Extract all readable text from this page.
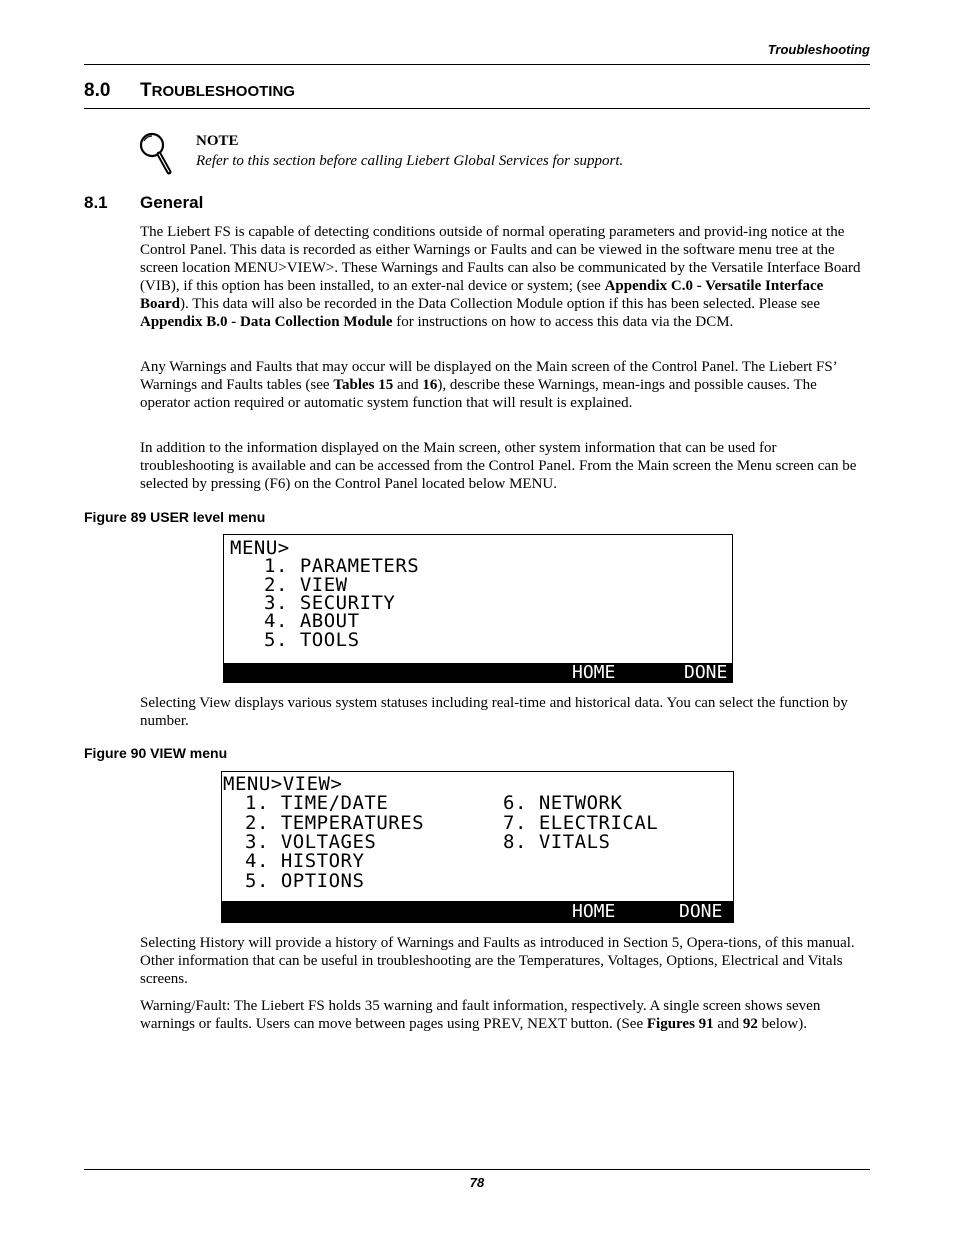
Troubleshooting
8.0 TROUBLESHOOTING
NOTE
Refer to this section before calling Liebert Global Services for support.
8.1 General

The Liebert FS is capable of detecting conditions outside of normal operating parameters and provid-ing notice at the Control Panel. This data is recorded as either Warnings or Faults and can be viewed in the software menu tree at the screen location MENU>VIEW>. These Warnings and Faults can also be communicated by the Versatile Interface Board (VIB), if this option has been installed, to an exter-nal device or system; (see Appendix C.0 - Versatile Interface Board). This data will also be recorded in the Data Collection Module option if this has been selected. Please see Appendix B.0 - Data Collection Module for instructions on how to access this data via the DCM.

Any Warnings and Faults that may occur will be displayed on the Main screen of the Control Panel. The Liebert FS’ Warnings and Faults tables (see Tables 15 and 16), describe these Warnings, mean-ings and possible causes. The operator action required or automatic system function that will result is explained.

In addition to the information displayed on the Main screen, other system information that can be used for troubleshooting is available and can be accessed from the Control Panel. From the Main screen the Menu screen can be selected by pressing (F6) on the Control Panel located below MENU.

Figure 89 USER level menu
MENU>
1. PARAMETERS
2. VIEW
3. SECURITY
4. ABOUT
5. TOOLS
HOME	DONE

Selecting View displays various system statuses including real-time and historical data. You can select the function by number.

Figure 90 VIEW menu
MENU>VIEW>
1. TIME/DATE
2. TEMPERATURES
3. VOLTAGES
4. HISTORY
5. OPTIONS
6. NETWORK
7. ELECTRICAL
8. VITALS
HOME	DONE

Selecting History will provide a history of Warnings and Faults as introduced in Section 5, Opera-tions, of this manual. Other information that can be useful in troubleshooting are the Temperatures, Voltages, Options, Electrical and Vitals screens.

Warning/Fault: The Liebert FS holds 35 warning and fault information, respectively. A single screen shows seven warnings or faults. Users can move between pages using PREV, NEXT button. (See Figures 91 and 92 below).

78
